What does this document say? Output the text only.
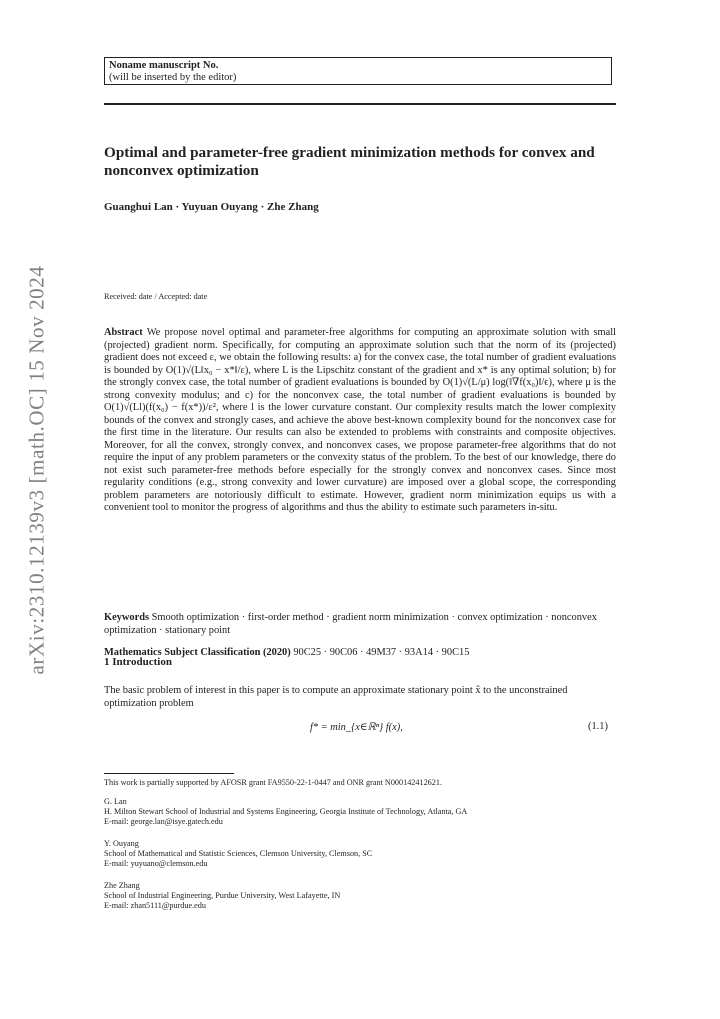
arXiv:2310.12139v3 [math.OC] 15 Nov 2024
Noname manuscript No.
(will be inserted by the editor)
Optimal and parameter-free gradient minimization methods for convex and nonconvex optimization
Guanghui Lan · Yuyuan Ouyang · Zhe Zhang
Received: date / Accepted: date
Abstract We propose novel optimal and parameter-free algorithms for computing an approximate solution with small (projected) gradient norm. Specifically, for computing an approximate solution such that the norm of its (projected) gradient does not exceed ε, we obtain the following results: a) for the convex case, the total number of gradient evaluations is bounded by O(1)√(L‖x₀ − x*‖/ε), where L is the Lipschitz constant of the gradient and x* is any optimal solution; b) for the strongly convex case, the total number of gradient evaluations is bounded by O(1)√(L/μ) log(‖∇f(x₀)‖/ϵ), where μ is the strong convexity modulus; and c) for the nonconvex case, the total number of gradient evaluations is bounded by O(1)√(Ll)(f(x₀) − f(x*))/ε², where l is the lower curvature constant. Our complexity results match the lower complexity bounds of the convex and strongly cases, and achieve the above best-known complexity bound for the nonconvex case for the first time in the literature. Our results can also be extended to problems with constraints and composite objectives. Moreover, for all the convex, strongly convex, and nonconvex cases, we propose parameter-free algorithms that do not require the input of any problem parameters or the convexity status of the problem. To the best of our knowledge, there do not exist such parameter-free methods before especially for the strongly convex and nonconvex cases. Since most regularity conditions (e.g., strong convexity and lower curvature) are imposed over a global scope, the corresponding problem parameters are notoriously difficult to estimate. However, gradient norm minimization equips us with a convenient tool to monitor the progress of algorithms and thus the ability to estimate such parameters in-situ.
Keywords Smooth optimization · first-order method · gradient norm minimization · convex optimization · nonconvex optimization · stationary point
Mathematics Subject Classification (2020) 90C25 · 90C06 · 49M37 · 93A14 · 90C15
1 Introduction
The basic problem of interest in this paper is to compute an approximate stationary point x̂ to the unconstrained optimization problem
f* = min_{x∈ℝⁿ} f(x),	(1.1)
This work is partially supported by AFOSR grant FA9550-22-1-0447 and ONR grant N000142412621.
G. Lan
H. Milton Stewart School of Industrial and Systems Engineering, Georgia Institute of Technology, Atlanta, GA
E-mail: george.lan@isye.gatech.edu
Y. Ouyang
School of Mathematical and Statistic Sciences, Clemson University, Clemson, SC
E-mail: yuyuano@clemson.edu
Zhe Zhang
School of Industrial Engineering, Purdue University, West Lafayette, IN
E-mail: zhan5111@purdue.edu
